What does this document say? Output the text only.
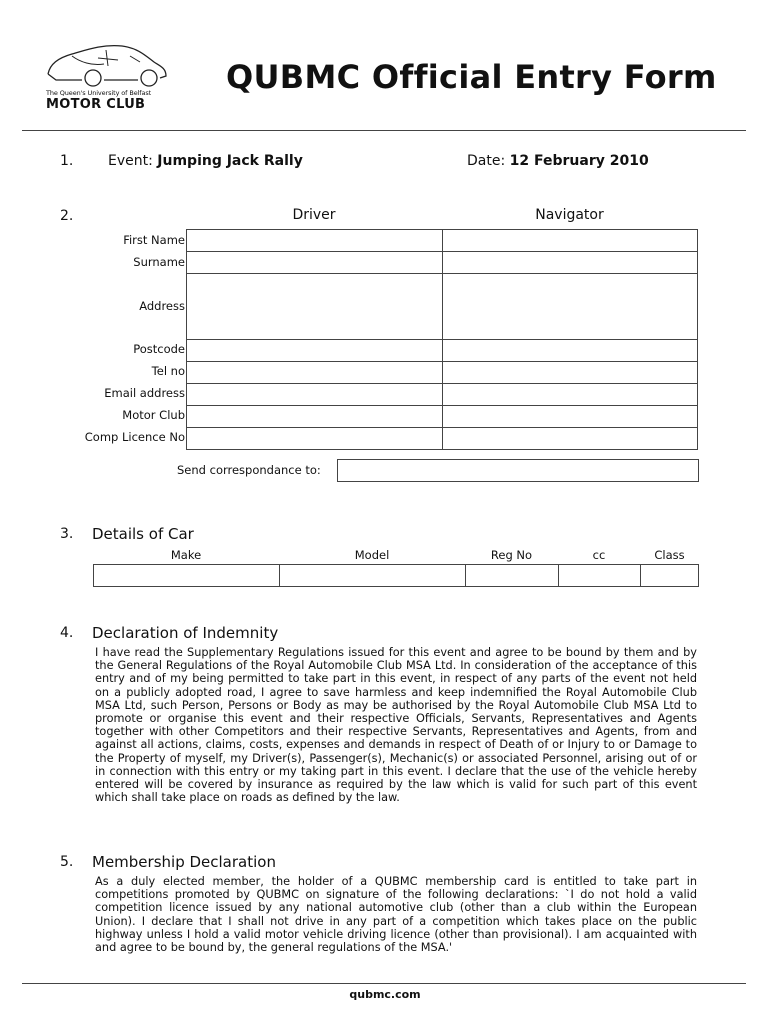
The Queen's University of Belfast
MOTOR CLUB
QUBMC Official Entry Form
1. Event: Jumping Jack Rally	Date: 12 February 2010
2.	Driver	Navigator
First Name
Surname
Address
Postcode
Tel no
Email address
Motor Club
Comp Licence No
Send correspondance to:
3. Details of Car
Make	Model	Reg No	cc	Class
4. Declaration of Indemnity
I have read the Supplementary Regulations issued for this event and agree to be bound by them and by the General Regulations of the Royal Automobile Club MSA Ltd. In consideration of the acceptance of this entry and of my being permitted to take part in this event, in respect of any parts of the event not held on a publicly adopted road, I agree to save harmless and keep indemnified the Royal Automobile Club MSA Ltd, such Person, Persons or Body as may be authorised by the Royal Automobile Club MSA Ltd to promote or organise this event and their respective Officials, Servants, Representatives and Agents together with other Competitors and their respective Servants, Representatives and Agents, from and against all actions, claims, costs, expenses and demands in respect of Death of or Injury to or Damage to the Property of myself, my Driver(s), Passenger(s), Mechanic(s) or associated Personnel, arising out of or in connection with this entry or my taking part in this event. I declare that the use of the vehicle hereby entered will be covered by insurance as required by the law which is valid for such part of this event which shall take place on roads as defined by the law.
5. Membership Declaration
As a duly elected member, the holder of a QUBMC membership card is entitled to take part in competitions promoted by QUBMC on signature of the following declarations: `I do not hold a valid competition licence issued by any national automotive club (other than a club within the European Union). I declare that I shall not drive in any part of a competition which takes place on the public highway unless I hold a valid motor vehicle driving licence (other than provisional). I am acquainted with and agree to be bound by, the general regulations of the MSA.'
qubmc.com
